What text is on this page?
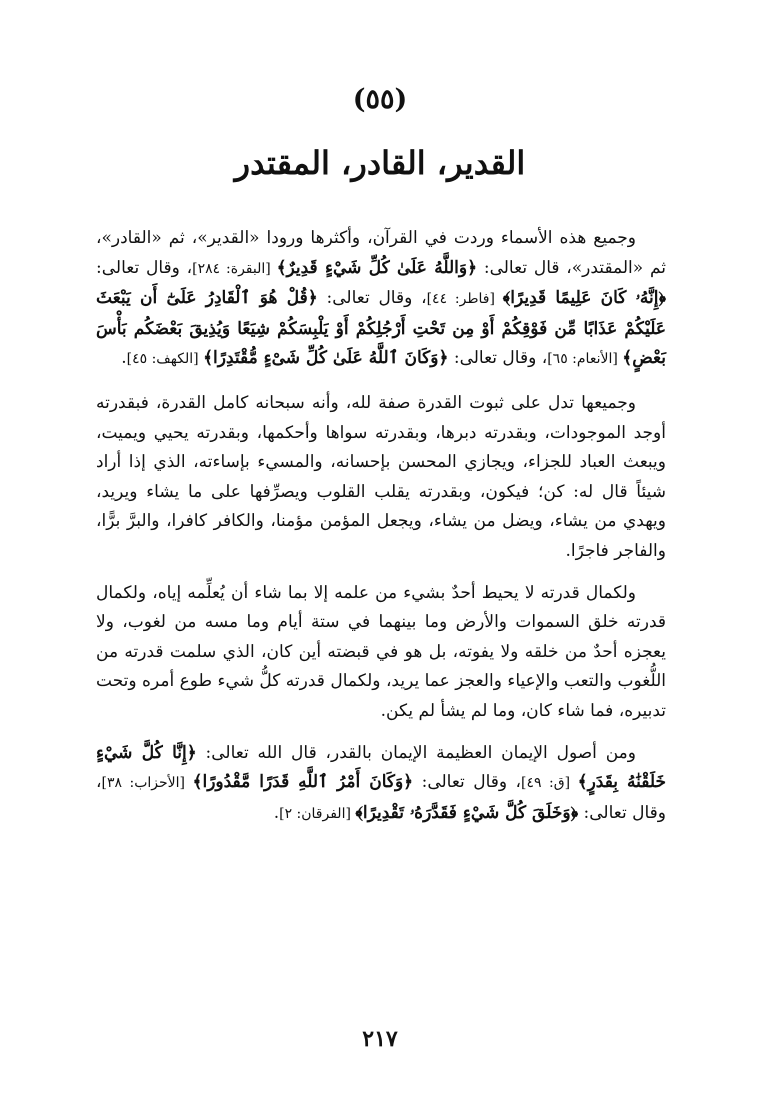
(٥٥)
القدير، القادر، المقتدر

وجميع هذه الأسماء وردت في القرآن، وأكثرها ورودا «القدير»، ثم «القادر»، ثم «المقتدر»، قال تعالى: ﴿وَاللَّهُ عَلَىٰ كُلِّ شَيْءٍ قَدِيرٌ﴾ [البقرة: ٢٨٤]، وقال تعالى: ﴿إِنَّهُۥ كَانَ عَلِيمًا قَدِيرًا﴾ [فاطر: ٤٤]، وقال تعالى: ﴿قُلْ هُوَ ٱلْقَادِرُ عَلَىٰٓ أَن يَبْعَثَ عَلَيْكُمْ عَذَابًا مِّن فَوْقِكُمْ أَوْ مِن تَحْتِ أَرْجُلِكُمْ أَوْ يَلْبِسَكُمْ شِيَعًا وَيُذِيقَ بَعْضَكُم بَأْسَ بَعْضٍ﴾ [الأنعام: ٦٥]، وقال تعالى: ﴿وَكَانَ ٱللَّهُ عَلَىٰ كُلِّ شَىْءٍ مُّقْتَدِرًا﴾ [الكهف: ٤٥].

وجميعها تدل على ثبوت القدرة صفة لله، وأنه سبحانه كامل القدرة، فبقدرته أوجد الموجودات، وبقدرته دبرها، وبقدرته سواها وأحكمها، وبقدرته يحيي ويميت، ويبعث العباد للجزاء، ويجازي المحسن بإحسانه، والمسيء بإساءته، الذي إذا أراد شيئاً قال له: كن؛ فيكون، وبقدرته يقلب القلوب ويصرِّفها على ما يشاء ويريد، ويهدي من يشاء، ويضل من يشاء، ويجعل المؤمن مؤمنا، والكافر كافرا، والبرَّ برًّا، والفاجر فاجرًا.

ولكمال قدرته لا يحيط أحدٌ بشيء من علمه إلا بما شاء أن يُعلِّمه إياه، ولكمال قدرته خلق السموات والأرض وما بينهما في ستة أيام وما مسه من لغوب، ولا يعجزه أحدٌ من خلقه ولا يفوته، بل هو في قبضته أين كان، الذي سلمت قدرته من اللُّغوب والتعب والإعياء والعجز عما يريد، ولكمال قدرته كلُّ شيء طوع أمره وتحت تدبيره، فما شاء كان، وما لم يشأ لم يكن.

ومن أصول الإيمان العظيمة الإيمان بالقدر، قال الله تعالى: ﴿إِنَّا كُلَّ شَيْءٍ خَلَقْنَٰهُ بِقَدَرٍ﴾ [ق: ٤٩]، وقال تعالى: ﴿وَكَانَ أَمْرُ ٱللَّهِ قَدَرًا مَّقْدُورًا﴾ [الأحزاب: ٣٨]، وقال تعالى: ﴿وَخَلَقَ كُلَّ شَيْءٍ فَقَدَّرَهُۥ تَقْدِيرًا﴾ [الفرقان: ٢].

٢١٧
